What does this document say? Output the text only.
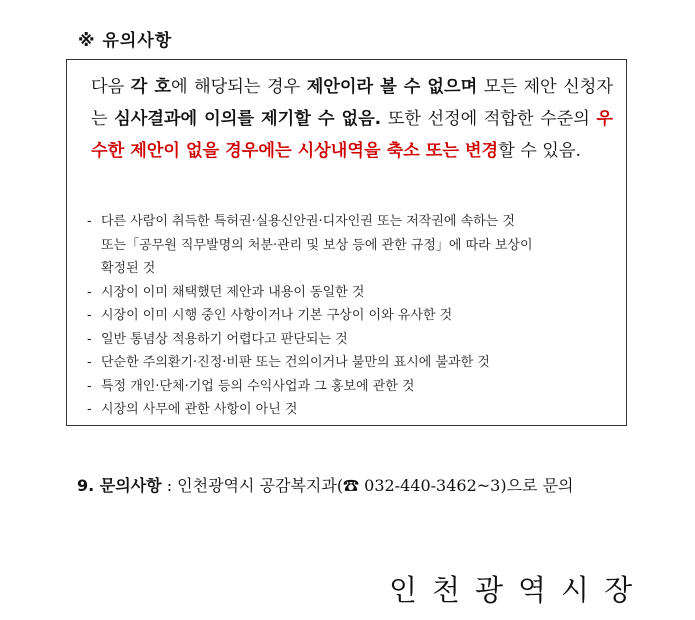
※ 유의사항
다음 각 호에 해당되는 경우 제안이라 볼 수 없으며 모든 제안 신청자는 심사결과에 이의를 제기할 수 없음. 또한 선정에 적합한 수준의 우수한 제안이 없을 경우에는 시상내역을 축소 또는 변경할 수 있음.
- 다른 사람이 취득한 특허권·실용신안권·디자인권 또는 저작권에 속하는 것
또는「공무원 직무발명의 처분·관리 및 보상 등에 관한 규정」에 따라 보상이
확정된 것
- 시장이 이미 채택했던 제안과 내용이 동일한 것
- 시장이 이미 시행 중인 사항이거나 기본 구상이 이와 유사한 것
- 일반 통념상 적용하기 어렵다고 판단되는 것
- 단순한 주의환기·진정·비판 또는 건의이거나 불만의 표시에 불과한 것
- 특정 개인·단체·기업 등의 수익사업과 그 홍보에 관한 것
- 시장의 사무에 관한 사항이 아닌 것
9. 문의사항 : 인천광역시 공감복지과(☎ 032-440-3462~3)으로 문의
인천광역시장
